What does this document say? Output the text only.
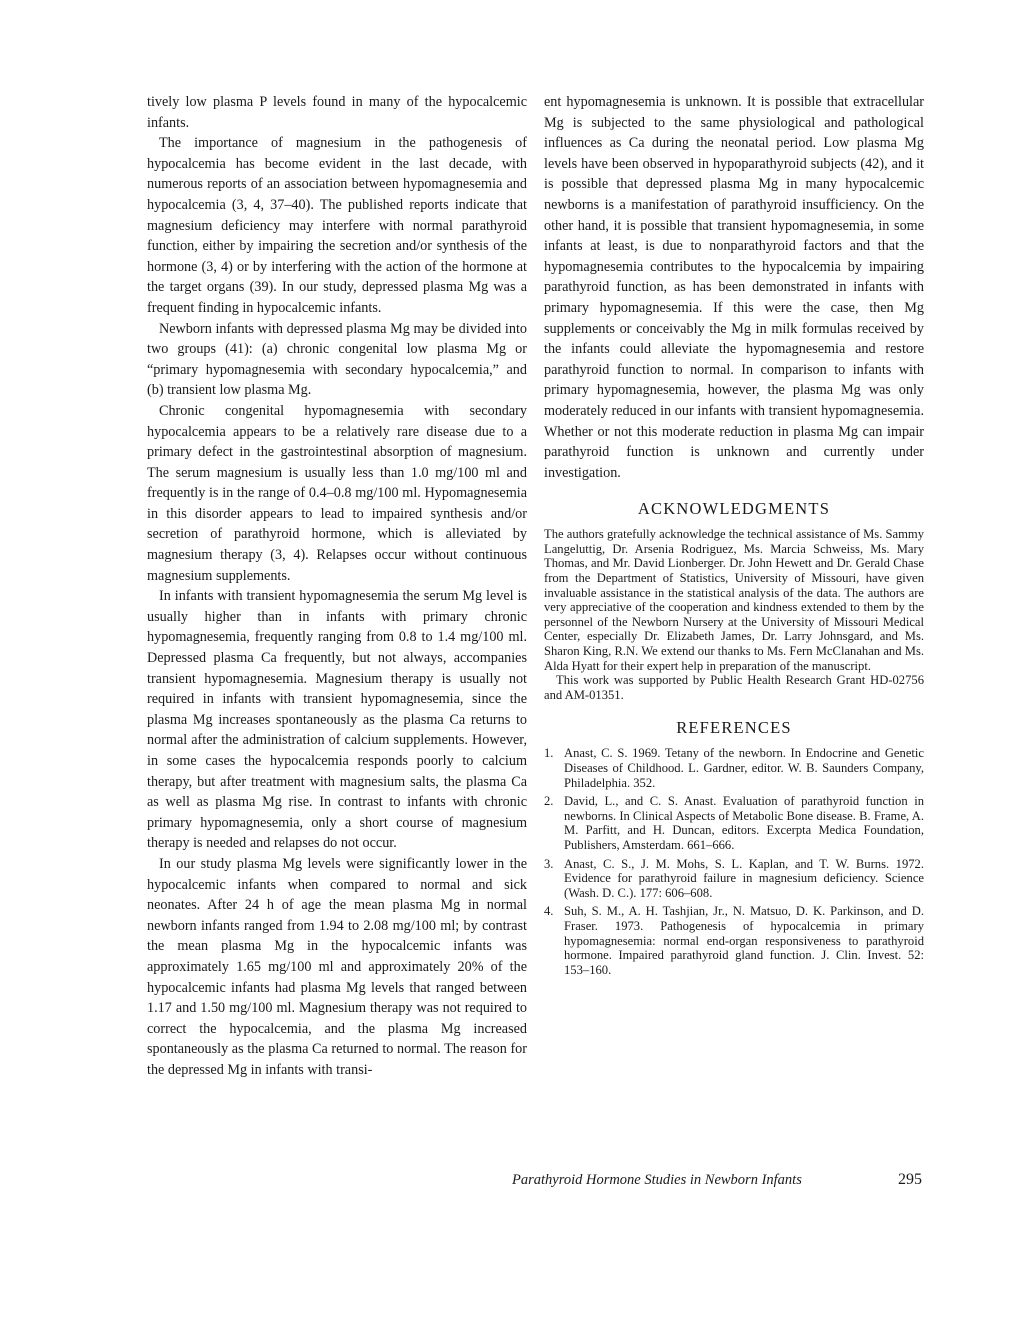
tively low plasma P levels found in many of the hypocalcemic infants.

The importance of magnesium in the pathogenesis of hypocalcemia has become evident in the last decade, with numerous reports of an association between hypomagnesemia and hypocalcemia (3, 4, 37–40). The published reports indicate that magnesium deficiency may interfere with normal parathyroid function, either by impairing the secretion and/or synthesis of the hormone (3, 4) or by interfering with the action of the hormone at the target organs (39). In our study, depressed plasma Mg was a frequent finding in hypocalcemic infants.

Newborn infants with depressed plasma Mg may be divided into two groups (41): (a) chronic congenital low plasma Mg or “primary hypomagnesemia with secondary hypocalcemia,” and (b) transient low plasma Mg.

Chronic congenital hypomagnesemia with secondary hypocalcemia appears to be a relatively rare disease due to a primary defect in the gastrointestinal absorption of magnesium. The serum magnesium is usually less than 1.0 mg/100 ml and frequently is in the range of 0.4–0.8 mg/100 ml. Hypomagnesemia in this disorder appears to lead to impaired synthesis and/or secretion of parathyroid hormone, which is alleviated by magnesium therapy (3, 4). Relapses occur without continuous magnesium supplements.

In infants with transient hypomagnesemia the serum Mg level is usually higher than in infants with primary chronic hypomagnesemia, frequently ranging from 0.8 to 1.4 mg/100 ml. Depressed plasma Ca frequently, but not always, accompanies transient hypomagnesemia. Magnesium therapy is usually not required in infants with transient hypomagnesemia, since the plasma Mg increases spontaneously as the plasma Ca returns to normal after the administration of calcium supplements. However, in some cases the hypocalcemia responds poorly to calcium therapy, but after treatment with magnesium salts, the plasma Ca as well as plasma Mg rise. In contrast to infants with chronic primary hypomagnesemia, only a short course of magnesium therapy is needed and relapses do not occur.

In our study plasma Mg levels were significantly lower in the hypocalcemic infants when compared to normal and sick neonates. After 24 h of age the mean plasma Mg in normal newborn infants ranged from 1.94 to 2.08 mg/100 ml; by contrast the mean plasma Mg in the hypocalcemic infants was approximately 1.65 mg/100 ml and approximately 20% of the hypocalcemic infants had plasma Mg levels that ranged between 1.17 and 1.50 mg/100 ml. Magnesium therapy was not required to correct the hypocalcemia, and the plasma Mg increased spontaneously as the plasma Ca returned to normal. The reason for the depressed Mg in infants with transi-

ent hypomagnesemia is unknown. It is possible that extracellular Mg is subjected to the same physiological and pathological influences as Ca during the neonatal period. Low plasma Mg levels have been observed in hypoparathyroid subjects (42), and it is possible that depressed plasma Mg in many hypocalcemic newborns is a manifestation of parathyroid insufficiency. On the other hand, it is possible that transient hypomagnesemia, in some infants at least, is due to nonparathyroid factors and that the hypomagnesemia contributes to the hypocalcemia by impairing parathyroid function, as has been demonstrated in infants with primary hypomagnesemia. If this were the case, then Mg supplements or conceivably the Mg in milk formulas received by the infants could alleviate the hypomagnesemia and restore parathyroid function to normal. In comparison to infants with primary hypomagnesemia, however, the plasma Mg was only moderately reduced in our infants with transient hypomagnesemia. Whether or not this moderate reduction in plasma Mg can impair parathyroid function is unknown and currently under investigation.

ACKNOWLEDGMENTS

The authors gratefully acknowledge the technical assistance of Ms. Sammy Langeluttig, Dr. Arsenia Rodriguez, Ms. Marcia Schweiss, Ms. Mary Thomas, and Mr. David Lionberger. Dr. John Hewett and Dr. Gerald Chase from the Department of Statistics, University of Missouri, have given invaluable assistance in the statistical analysis of the data. The authors are very appreciative of the cooperation and kindness extended to them by the personnel of the Newborn Nursery at the University of Missouri Medical Center, especially Dr. Elizabeth James, Dr. Larry Johnsgard, and Ms. Sharon King, R.N. We extend our thanks to Ms. Fern McClanahan and Ms. Alda Hyatt for their expert help in preparation of the manuscript.

This work was supported by Public Health Research Grant HD-02756 and AM-01351.

REFERENCES
1. Anast, C. S. 1969. Tetany of the newborn. In Endocrine and Genetic Diseases of Childhood. L. Gardner, editor. W. B. Saunders Company, Philadelphia. 352.
2. David, L., and C. S. Anast. Evaluation of parathyroid function in newborns. In Clinical Aspects of Metabolic Bone disease. B. Frame, A. M. Parfitt, and H. Duncan, editors. Excerpta Medica Foundation, Publishers, Amsterdam. 661–666.
3. Anast, C. S., J. M. Mohs, S. L. Kaplan, and T. W. Burns. 1972. Evidence for parathyroid failure in magnesium deficiency. Science (Wash. D. C.). 177: 606–608.
4. Suh, S. M., A. H. Tashjian, Jr., N. Matsuo, D. K. Parkinson, and D. Fraser. 1973. Pathogenesis of hypocalcemia in primary hypomagnesemia: normal end-organ responsiveness to parathyroid hormone. Impaired parathyroid gland function. J. Clin. Invest. 52: 153–160.
Parathyroid Hormone Studies in Newborn Infants	295
